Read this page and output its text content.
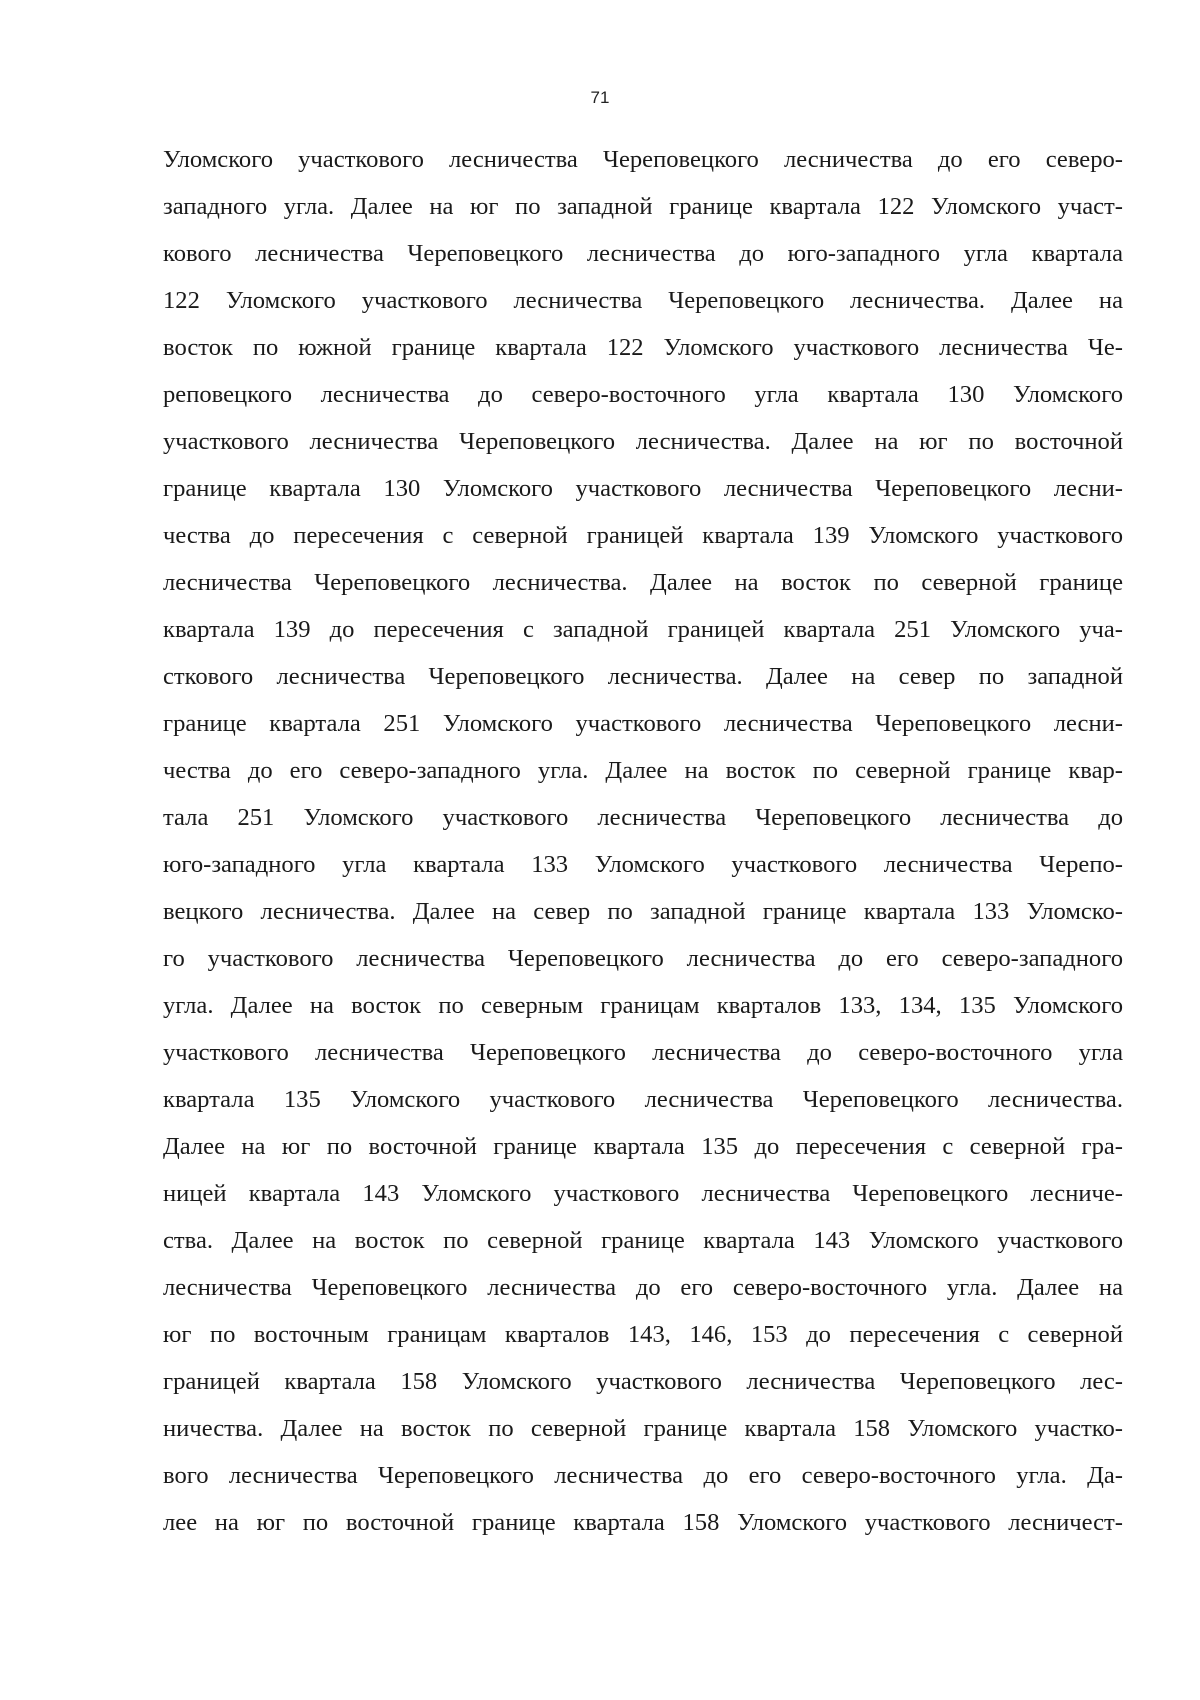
71
Уломского участкового лесничества Череповецкого лесничества до его северо-
западного угла. Далее на юг по западной границе квартала 122 Уломского участ-
кового лесничества Череповецкого лесничества до юго-западного угла квартала
122 Уломского участкового лесничества Череповецкого лесничества. Далее на
восток по южной границе квартала 122 Уломского участкового лесничества Че-
реповецкого лесничества до северо-восточного угла квартала 130 Уломского
участкового лесничества Череповецкого лесничества. Далее на юг по восточной
границе квартала 130 Уломского участкового лесничества Череповецкого лесни-
чества до пересечения с северной границей квартала 139 Уломского участкового
лесничества Череповецкого лесничества. Далее на восток по северной границе
квартала 139 до пересечения с западной границей квартала 251 Уломского уча-
сткового лесничества Череповецкого лесничества. Далее на север по западной
границе квартала 251 Уломского участкового лесничества Череповецкого лесни-
чества до его северо-западного угла. Далее на восток по северной границе квар-
тала 251 Уломского участкового лесничества Череповецкого лесничества до
юго-западного угла квартала 133 Уломского участкового лесничества Черепо-
вецкого лесничества. Далее на север по западной границе квартала 133 Уломско-
го участкового лесничества Череповецкого лесничества до его северо-западного
угла. Далее на восток по северным границам кварталов 133, 134, 135 Уломского
участкового лесничества Череповецкого лесничества до северо-восточного угла
квартала 135 Уломского участкового лесничества Череповецкого лесничества.
Далее на юг по восточной границе квартала 135 до пересечения с северной гра-
ницей квартала 143 Уломского участкового лесничества Череповецкого лесниче-
ства. Далее на восток по северной границе квартала 143 Уломского участкового
лесничества Череповецкого лесничества до его северо-восточного угла. Далее на
юг по восточным границам кварталов 143, 146, 153 до пересечения с северной
границей квартала 158 Уломского участкового лесничества Череповецкого лес-
ничества. Далее на восток по северной границе квартала 158 Уломского участко-
вого лесничества Череповецкого лесничества до его северо-восточного угла. Да-
лее на юг по восточной границе квартала 158 Уломского участкового лесничест-
